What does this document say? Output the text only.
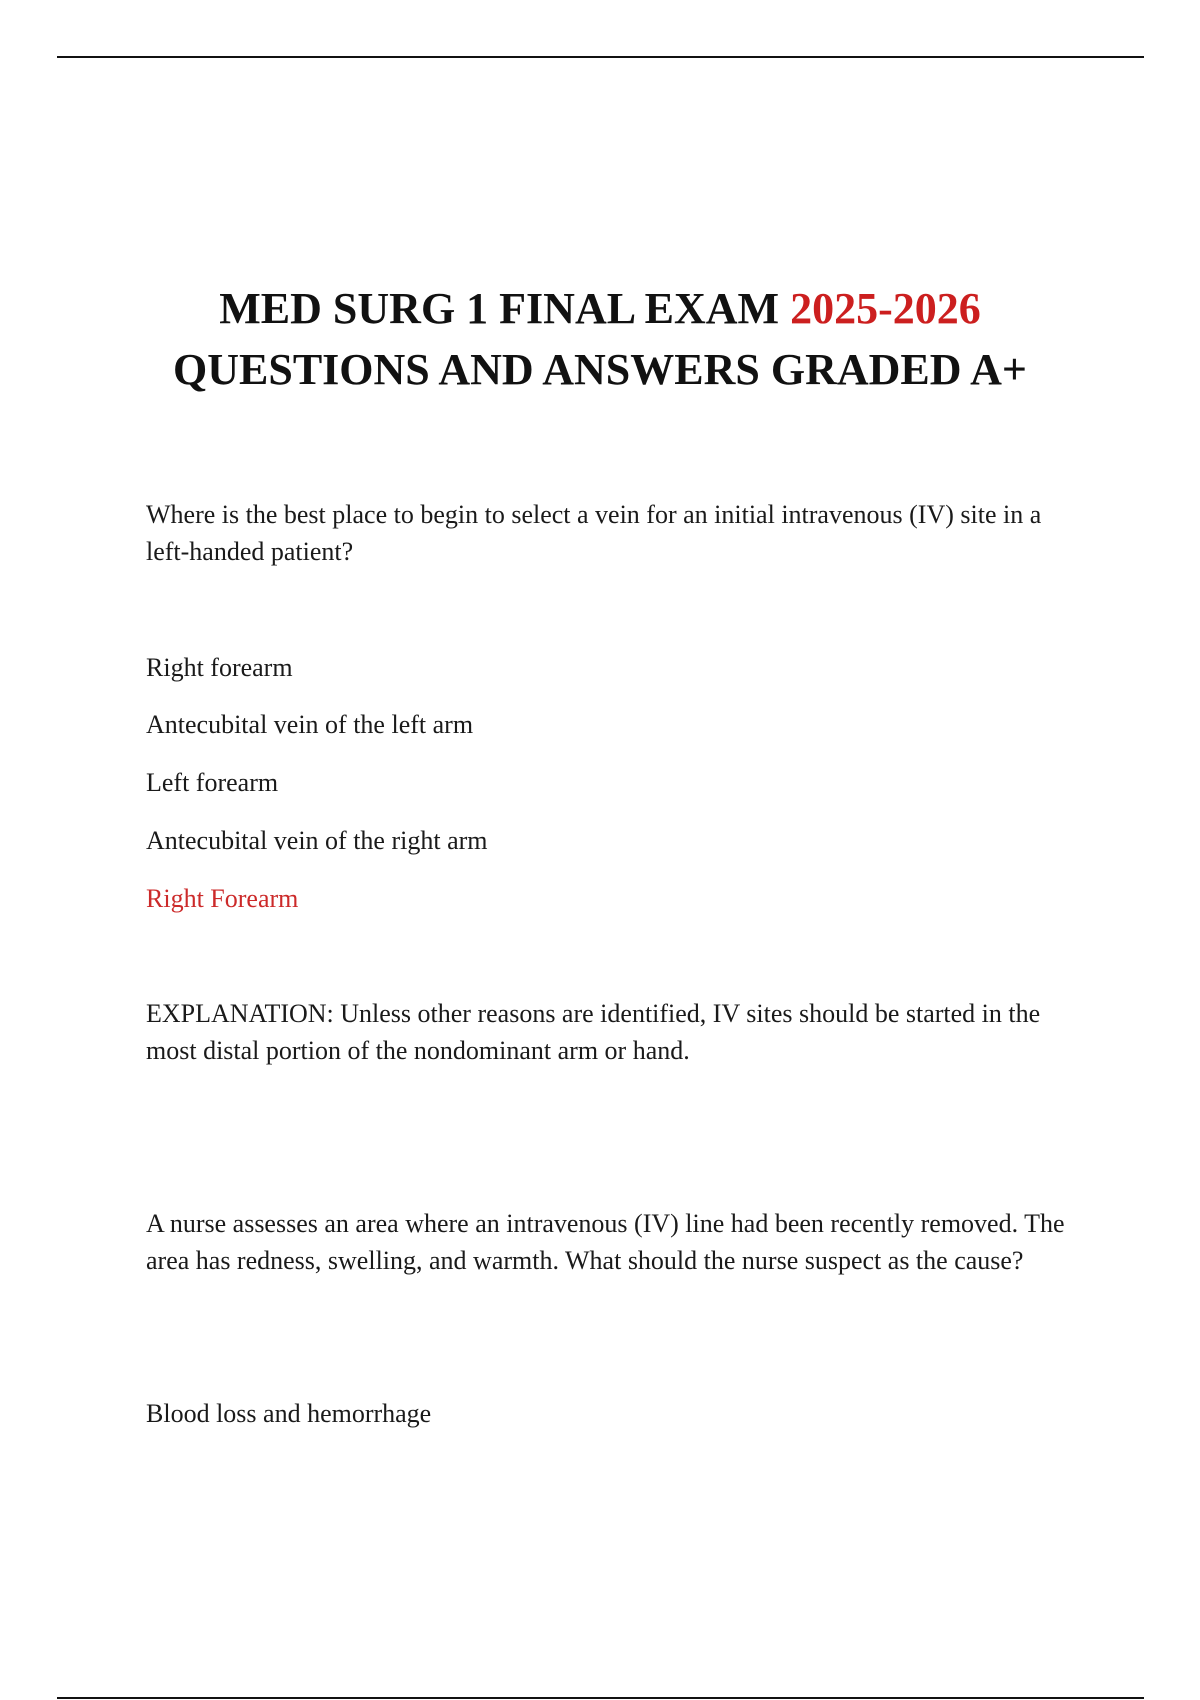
MED SURG 1 FINAL EXAM 2025-2026
QUESTIONS AND ANSWERS GRADED A+
Where is the best place to begin to select a vein for an initial intravenous (IV) site in a left-handed patient?
Right forearm
Antecubital vein of the left arm
Left forearm
Antecubital vein of the right arm
Right Forearm
EXPLANATION: Unless other reasons are identified, IV sites should be started in the most distal portion of the nondominant arm or hand.
A nurse assesses an area where an intravenous (IV) line had been recently removed. The area has redness, swelling, and warmth. What should the nurse suspect as the cause?
Blood loss and hemorrhage
